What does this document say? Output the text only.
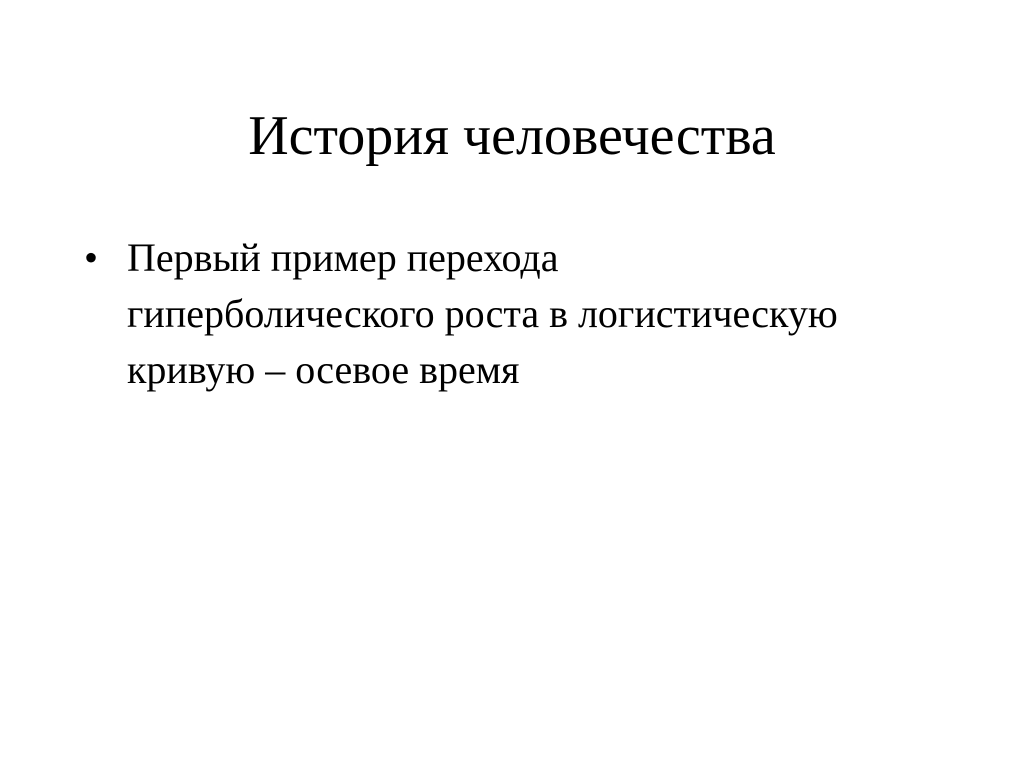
История человечества
• Первый пример перехода
гиперболического роста в логистическую
кривую – осевое время
